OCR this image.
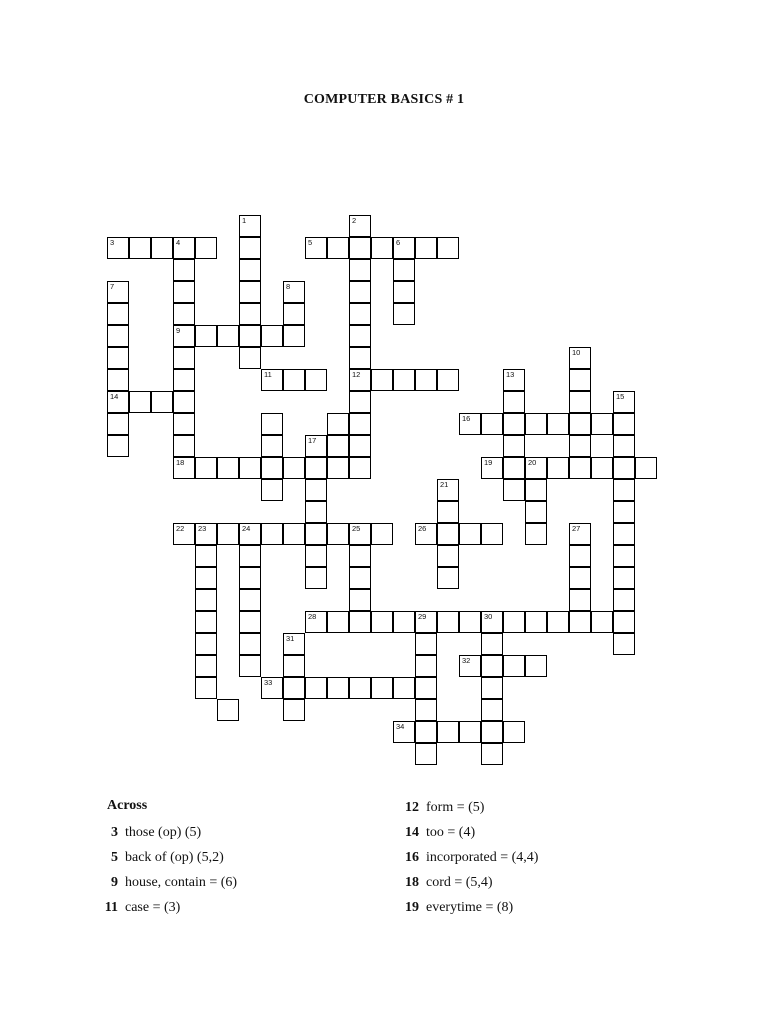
COMPUTER BASICS # 1
1	2
12
3	4
9
5	6
7
14
8
10
11	13
15
16
17
18	19	20
21
22 23	24	25	26	27
28	29	30
31
32
33
34
Across
3 those (op) (5)
5 back of (op) (5,2)
9 house, contain = (6)
11 case = (3)
12 form = (5)
14 too = (4)
16 incorporated = (4,4)
18 cord = (5,4)
19 everytime = (8)
